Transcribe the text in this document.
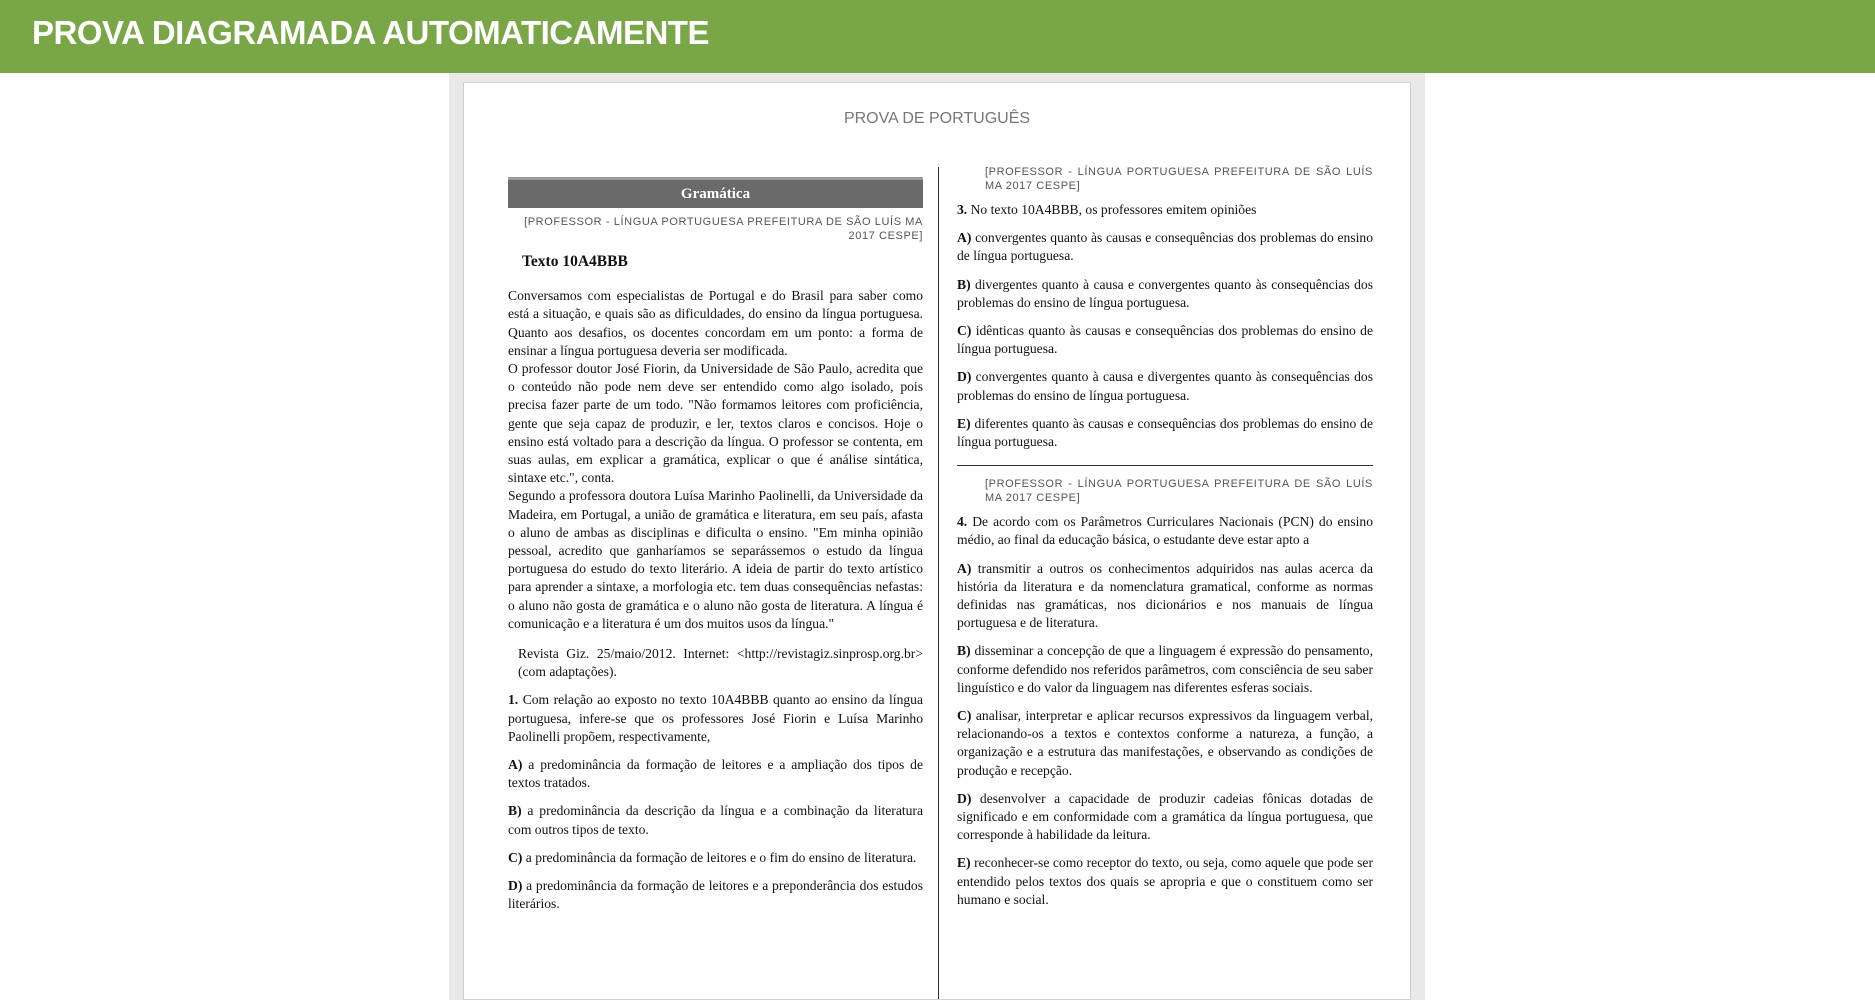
PROVA DIAGRAMADA AUTOMATICAMENTE
PROVA DE PORTUGUÊS
Gramática
[PROFESSOR - LÍNGUA PORTUGUESA PREFEITURA DE SÃO LUÍS MA 2017 CESPE]
Texto 10A4BBB

Conversamos com especialistas de Portugal e do Brasil para saber como está a situação, e quais são as dificuldades, do ensino da língua portuguesa. Quanto aos desafios, os docentes concordam em um ponto: a forma de ensinar a língua portuguesa deveria ser modificada.

O professor doutor José Fiorin, da Universidade de São Paulo, acredita que o conteúdo não pode nem deve ser entendido como algo isolado, pois precisa fazer parte de um todo. "Não formamos leitores com proficiência, gente que seja capaz de produzir, e ler, textos claros e concisos. Hoje o ensino está voltado para a descrição da língua. O professor se contenta, em suas aulas, em explicar a gramática, explicar o que é análise sintática, sintaxe etc.", conta.

Segundo a professora doutora Luísa Marinho Paolinelli, da Universidade da Madeira, em Portugal, a união de gramática e literatura, em seu país, afasta o aluno de ambas as disciplinas e dificulta o ensino. "Em minha opinião pessoal, acredito que ganharíamos se separássemos o estudo da língua portuguesa do estudo do texto literário. A ideia de partir do texto artístico para aprender a sintaxe, a morfologia etc. tem duas consequências nefastas: o aluno não gosta de gramática e o aluno não gosta de literatura. A língua é comunicação e a literatura é um dos muitos usos da língua."

Revista Giz. 25/maio/2012. Internet: <http://revistagiz.sinprosp.org.br> (com adaptações).

1. Com relação ao exposto no texto 10A4BBB quanto ao ensino da língua portuguesa, infere-se que os professores José Fiorin e Luísa Marinho Paolinelli propõem, respectivamente,

A) a predominância da formação de leitores e a ampliação dos tipos de textos tratados.

B) a predominância da descrição da língua e a combinação da literatura com outros tipos de texto.

C) a predominância da formação de leitores e o fim do ensino de literatura.

D) a predominância da formação de leitores e a preponderância dos estudos literários.

[PROFESSOR - LÍNGUA PORTUGUESA PREFEITURA DE SÃO LUÍS MA 2017 CESPE]

3. No texto 10A4BBB, os professores emitem opiniões

A) convergentes quanto às causas e consequências dos problemas do ensino de língua portuguesa.

B) divergentes quanto à causa e convergentes quanto às consequências dos problemas do ensino de língua portuguesa.

C) idênticas quanto às causas e consequências dos problemas do ensino de língua portuguesa.

D) convergentes quanto à causa e divergentes quanto às consequências dos problemas do ensino de língua portuguesa.

E) diferentes quanto às causas e consequências dos problemas do ensino de língua portuguesa.

[PROFESSOR - LÍNGUA PORTUGUESA PREFEITURA DE SÃO LUÍS MA 2017 CESPE]

4. De acordo com os Parâmetros Curriculares Nacionais (PCN) do ensino médio, ao final da educação básica, o estudante deve estar apto a

A) transmitir a outros os conhecimentos adquiridos nas aulas acerca da história da literatura e da nomenclatura gramatical, conforme as normas definidas nas gramáticas, nos dicionários e nos manuais de língua portuguesa e de literatura.

B) disseminar a concepção de que a linguagem é expressão do pensamento, conforme defendido nos referidos parâmetros, com consciência de seu saber linguístico e do valor da linguagem nas diferentes esferas sociais.

C) analisar, interpretar e aplicar recursos expressivos da linguagem verbal, relacionando-os a textos e contextos conforme a natureza, a função, a organização e a estrutura das manifestações, e observando as condições de produção e recepção.

D) desenvolver a capacidade de produzir cadeias fônicas dotadas de significado e em conformidade com a gramática da língua portuguesa, que corresponde à habilidade da leitura.

E) reconhecer-se como receptor do texto, ou seja, como aquele que pode ser entendido pelos textos dos quais se apropria e que o constituem como ser humano e social.
